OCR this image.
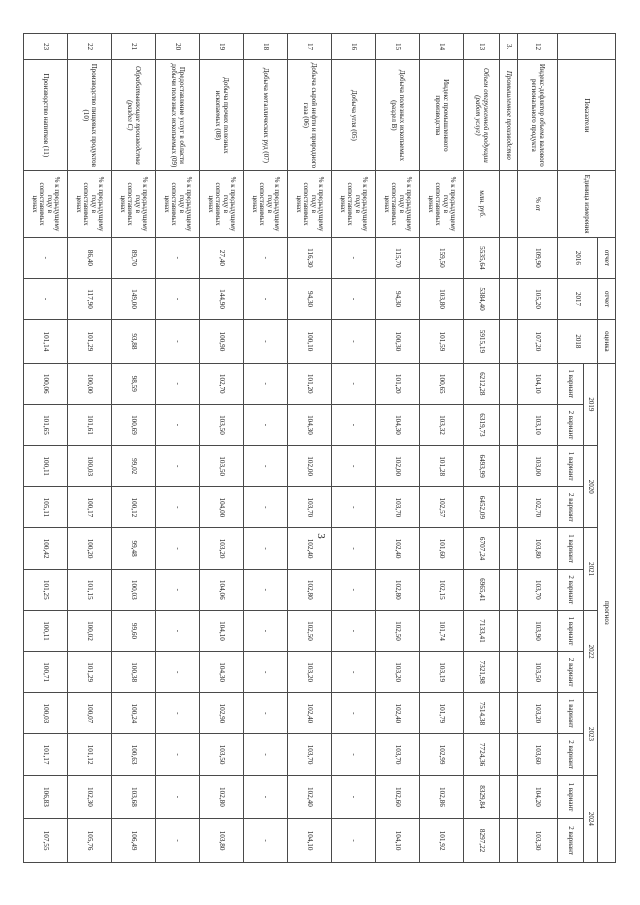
	Показатели	Единица измерения	отчет	отчет	оценка	прогноз											
			2016	2017	2018	2019		2020		2021		2022		2023		2024	
						1 вариант	2 вариант	1 вариант	2 вариант	1 вариант	2 вариант	1 вариант	2 вариант	1 вариант	2 вариант	1 вариант	2 вариант
12	Индекс-дефлятор объема валового регионального продукта	% от	109,90	105,20	107,20	104,10	103,10	103,00	102,70	103,80	103,70	103,90	103,50	103,20	103,60	104,20	103,30
3.	Промышленное производство																
13	Объем отгруженной продукции (работ услуг)	млн. руб.	5535,64	5384,40	5915,19	6212,28	6319,73	6493,99	6452,09	6707,24	6965,41	7133,41	7321,98	7514,38	7724,36	8329,84	8297,22
14	Индекс промышленного производства	% к предыдущему году в сопоставимых ценах	159,50	103,80	101,59	100,65	103,32	101,28	102,57	101,60	102,15	101,74	103,19	101,79	102,99	102,86	101,92
15	Добыча полезных ископаемых (раздел B)	% к предыдущему году в сопоставимых ценах	115,70	94,30	100,30	101,20	104,30	102,00	103,70	102,40	102,80	102,50	103,20	102,40	103,70	102,60	104,10
16	Добыча угля (05)	% к предыдущему году в сопоставимых ценах	-	-	-	-	-	-	-	-	-	-	-	-	-	-	-
17	Добыча сырой нефти и природного газа (06)	% к предыдущему году в сопоставимых ценах	116,30	94,30	100,10	101,20	104,30	102,00	103,70	102,40	102,80	102,50	103,20	102,40	103,70	102,40	104,10
18	Добыча металлических руд (07)	% к предыдущему году в сопоставимых ценах	-	-	-	-	-	-	-	-	-	-	-	-	-	-	-
19	Добыча прочих полезных ископаемых (08)	% к предыдущему году в сопоставимых ценах	27,40	144,90	100,90	102,70	103,50	103,50	104,00	103,20	104,06	104,10	104,30	102,90	103,50	102,80	103,80
20	Предоставление услуг в области добычи полезных ископаемых (09)	% к предыдущему году в сопоставимых ценах	-	-	-	-	-	-	-	-	-	-	-	-	-	-	-
21	Обрабатывающие производства (раздел C)	% к предыдущему году в сопоставимых ценах	89,70	149,00	93,88	98,59	100,69	99,02	100,12	99,48	100,03	99,60	100,38	100,24	100,63	103,68	106,49
22	Производство пищевых продуктов (10)	% к предыдущему году в сопоставимых ценах	86,40	117,90	101,29	100,00	101,61	100,03	100,17	100,20	101,15	100,02	101,29	100,07	101,12	102,30	105,76
23	Производство напитков (11)	% к предыдущему году в сопоставимых ценах	-	-	101,14	100,06	101,65	100,11	105,11	100,42	101,25	100,11	100,71	100,03	101,17	106,83	107,55
3
